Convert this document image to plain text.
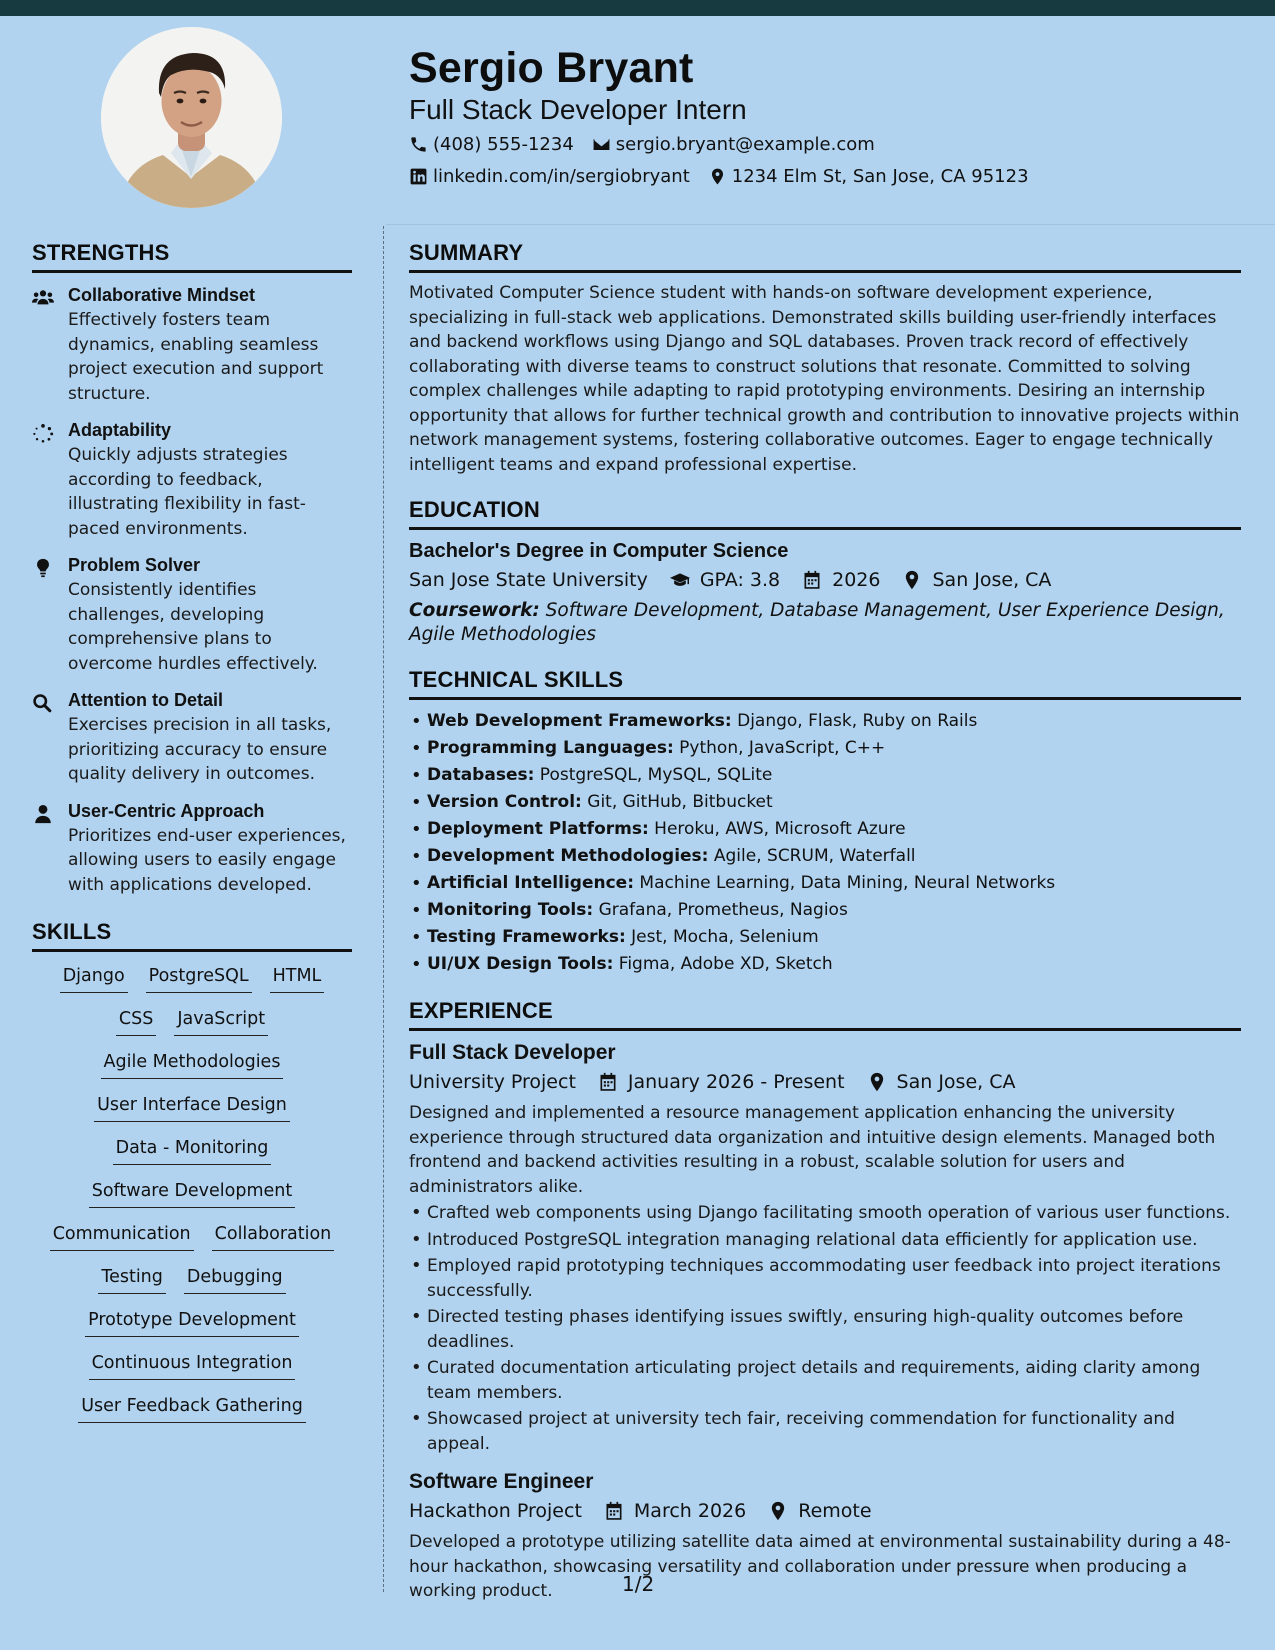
Sergio Bryant
Full Stack Developer Intern
(408) 555-1234 sergio.bryant@example.com
linkedin.com/in/sergiobryant 1234 Elm St, San Jose, CA 95123
STRENGTHS
Collaborative Mindset
Effectively fosters team dynamics, enabling seamless project execution and support structure.
Adaptability
Quickly adjusts strategies according to feedback, illustrating flexibility in fast-paced environments.
Problem Solver
Consistently identifies challenges, developing comprehensive plans to overcome hurdles effectively.
Attention to Detail
Exercises precision in all tasks, prioritizing accuracy to ensure quality delivery in outcomes.
User-Centric Approach
Prioritizes end-user experiences, allowing users to easily engage with applications developed.
SKILLS
Django PostgreSQL HTML
CSS JavaScript
Agile Methodologies
User Interface Design
Data - Monitoring
Software Development
Communication Collaboration
Testing Debugging
Prototype Development
Continuous Integration
User Feedback Gathering
SUMMARY

Motivated Computer Science student with hands-on software development experience, specializing in full-stack web applications. Demonstrated skills building user-friendly interfaces and backend workflows using Django and SQL databases. Proven track record of effectively collaborating with diverse teams to construct solutions that resonate. Committed to solving complex challenges while adapting to rapid prototyping environments. Desiring an internship opportunity that allows for further technical growth and contribution to innovative projects within network management systems, fostering collaborative outcomes. Eager to engage technically intelligent teams and expand professional expertise.

EDUCATION
Bachelor's Degree in Computer Science
San Jose State University	GPA: 3.8	2026	San Jose, CA

Coursework: Software Development, Database Management, User Experience Design, Agile Methodologies

TECHNICAL SKILLS
• Web Development Frameworks: Django, Flask, Ruby on Rails
• Programming Languages: Python, JavaScript, C++
• Databases: PostgreSQL, MySQL, SQLite
• Version Control: Git, GitHub, Bitbucket
• Deployment Platforms: Heroku, AWS, Microsoft Azure
• Development Methodologies: Agile, SCRUM, Waterfall
• Artificial Intelligence: Machine Learning, Data Mining, Neural Networks
• Monitoring Tools: Grafana, Prometheus, Nagios
• Testing Frameworks: Jest, Mocha, Selenium
• UI/UX Design Tools: Figma, Adobe XD, Sketch
EXPERIENCE
Full Stack Developer
University Project	January 2026 - Present	San Jose, CA

Designed and implemented a resource management application enhancing the university experience through structured data organization and intuitive design elements. Managed both frontend and backend activities resulting in a robust, scalable solution for users and administrators alike.

• Crafted web components using Django facilitating smooth operation of various user functions.
• Introduced PostgreSQL integration managing relational data efficiently for application use.
• Employed rapid prototyping techniques accommodating user feedback into project iterations successfully.
• Directed testing phases identifying issues swiftly, ensuring high-quality outcomes before deadlines.
• Curated documentation articulating project details and requirements, aiding clarity among team members.
• Showcased project at university tech fair, receiving commendation for functionality and appeal.
Software Engineer
Hackathon Project	March 2026	Remote

Developed a prototype utilizing satellite data aimed at environmental sustainability during a 48-hour hackathon, showcasing versatility and collaboration under pressure when producing a working product.	1/2
